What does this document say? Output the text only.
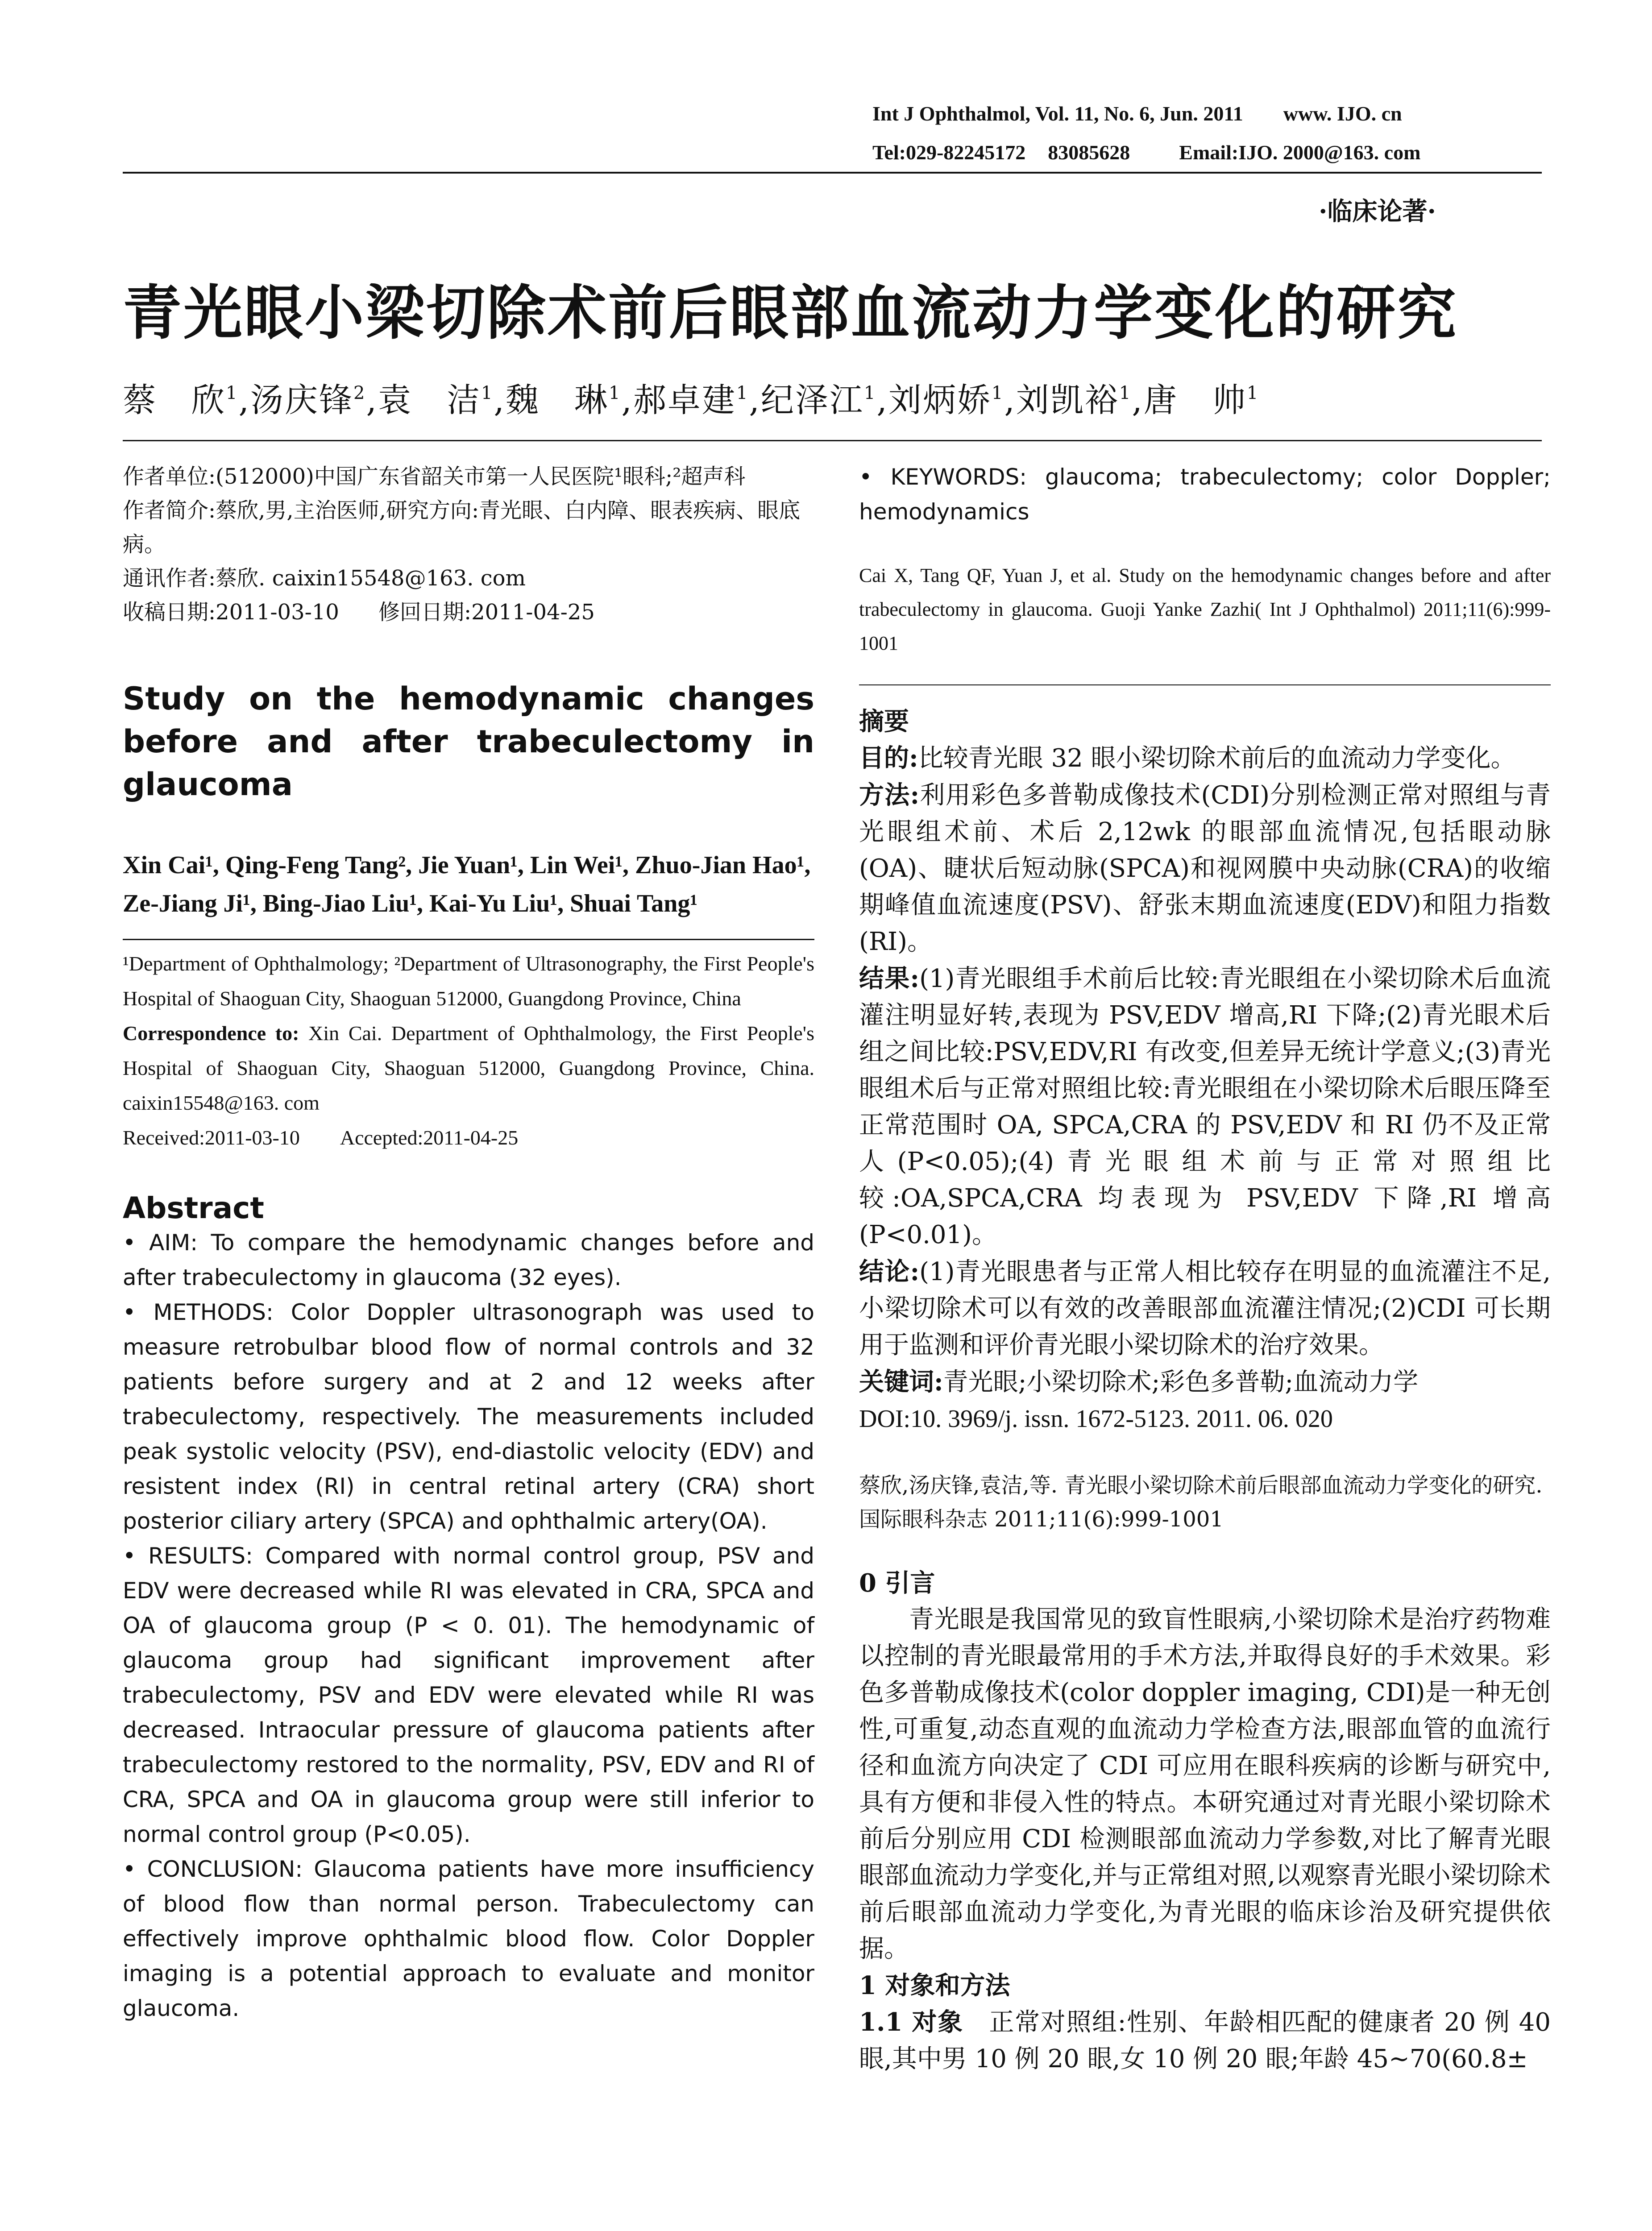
Int J Ophthalmol, Vol. 11, No. 6, Jun. 2011 www. IJO. cn
Tel:029-82245172 83085628 Email:IJO. 2000@163. com
·临床论著·
青光眼小梁切除术前后眼部血流动力学变化的研究
蔡　欣$^1$,汤庆锋$^2$,袁　洁$^1$,魏　琳$^1$,郝卓建$^1$,纪泽江$^1$,刘炳娇$^1$,刘凯裕$^1$,唐　帅$^1$

作者单位:(512000)中国广东省韶关市第一人民医院¹眼科;²超声科

作者简介:蔡欣,男,主治医师,研究方向:青光眼、白内障、眼表疾病、眼底病。

通讯作者:蔡欣. caixin15548@163. com

收稿日期:2011-03-10 修回日期:2011-04-25

Study on the hemodynamic changes before and after trabeculectomy in glaucoma
Xin Cai¹, Qing-Feng Tang², Jie Yuan¹, Lin Wei¹, Zhuo-Jian Hao¹, Ze-Jiang Ji¹, Bing-Jiao Liu¹, Kai-Yu Liu¹, Shuai Tang¹
¹Department of Ophthalmology; ²Department of Ultrasonography, the First People's Hospital of Shaoguan City, Shaoguan 512000, Guangdong Province, China
Correspondence to: Xin Cai. Department of Ophthalmology, the First People's Hospital of Shaoguan City, Shaoguan 512000, Guangdong Province, China. caixin15548@163. com
Received:2011-03-10 Accepted:2011-04-25
Abstract

• AIM: To compare the hemodynamic changes before and after trabeculectomy in glaucoma (32 eyes).

• METHODS: Color Doppler ultrasonograph was used to measure retrobulbar blood flow of normal controls and 32 patients before surgery and at 2 and 12 weeks after trabeculectomy, respectively. The measurements included peak systolic velocity (PSV), end-diastolic velocity (EDV) and resistent index (RI) in central retinal artery (CRA) short posterior ciliary artery (SPCA) and ophthalmic artery(OA).

• RESULTS: Compared with normal control group, PSV and EDV were decreased while RI was elevated in CRA, SPCA and OA of glaucoma group (P < 0. 01). The hemodynamic of glaucoma group had significant improvement after trabeculectomy, PSV and EDV were elevated while RI was decreased. Intraocular pressure of glaucoma patients after trabeculectomy restored to the normality, PSV, EDV and RI of CRA, SPCA and OA in glaucoma group were still inferior to normal control group (P<0.05).

• CONCLUSION: Glaucoma patients have more insufficiency of blood flow than normal person. Trabeculectomy can effectively improve ophthalmic blood flow. Color Doppler imaging is a potential approach to evaluate and monitor glaucoma.

• KEYWORDS: glaucoma; trabeculectomy; color Doppler; hemodynamics
Cai X, Tang QF, Yuan J, et al. Study on the hemodynamic changes before and after trabeculectomy in glaucoma. Guoji Yanke Zazhi( Int J Ophthalmol) 2011;11(6):999-1001

摘要

目的:比较青光眼 32 眼小梁切除术前后的血流动力学变化。

方法:利用彩色多普勒成像技术(CDI)分别检测正常对照组与青光眼组术前、术后 2,12wk 的眼部血流情况,包括眼动脉(OA)、睫状后短动脉(SPCA)和视网膜中央动脉(CRA)的收缩期峰值血流速度(PSV)、舒张末期血流速度(EDV)和阻力指数(RI)。

结果:(1)青光眼组手术前后比较:青光眼组在小梁切除术后血流灌注明显好转,表现为 PSV,EDV 增高,RI 下降;(2)青光眼术后组之间比较:PSV,EDV,RI 有改变,但差异无统计学意义;(3)青光眼组术后与正常对照组比较:青光眼组在小梁切除术后眼压降至正常范围时 OA, SPCA,CRA 的 PSV,EDV 和 RI 仍不及正常人(P<0.05);(4)青光眼组术前与正常对照组比较:OA,SPCA,CRA 均表现为 PSV,EDV 下降,RI 增高(P<0.01)。

结论:(1)青光眼患者与正常人相比较存在明显的血流灌注不足,小梁切除术可以有效的改善眼部血流灌注情况;(2)CDI 可长期用于监测和评价青光眼小梁切除术的治疗效果。

关键词:青光眼;小梁切除术;彩色多普勒;血流动力学

DOI:10. 3969/j. issn. 1672-5123. 2011. 06. 020

蔡欣,汤庆锋,袁洁,等. 青光眼小梁切除术前后眼部血流动力学变化的研究. 国际眼科杂志 2011;11(6):999-1001

0 引言

青光眼是我国常见的致盲性眼病,小梁切除术是治疗药物难以控制的青光眼最常用的手术方法,并取得良好的手术效果。彩色多普勒成像技术(color doppler imaging, CDI)是一种无创性,可重复,动态直观的血流动力学检查方法,眼部血管的血流行径和血流方向决定了 CDI 可应用在眼科疾病的诊断与研究中,具有方便和非侵入性的特点。本研究通过对青光眼小梁切除术前后分别应用 CDI 检测眼部血流动力学参数,对比了解青光眼眼部血流动力学变化,并与正常组对照,以观察青光眼小梁切除术前后眼部血流动力学变化,为青光眼的临床诊治及研究提供依据。

1 对象和方法

1.1 对象　 正常对照组:性别、年龄相匹配的健康者 20 例 40 眼,其中男 10 例 20 眼,女 10 例 20 眼;年龄 45~70(60.8±
